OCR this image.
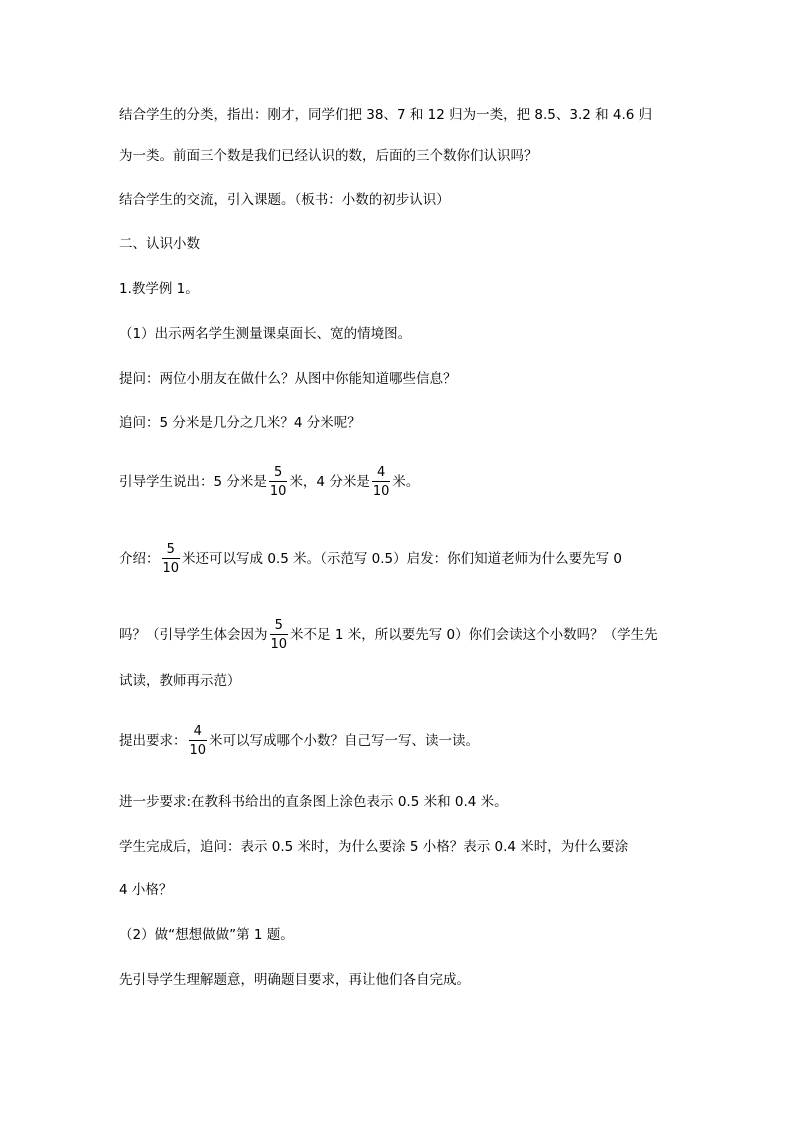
结合学生的分类，指出：刚才，同学们把 38、7 和 12 归为一类，把 8.5、3.2 和 4.6 归
为一类。前面三个数是我们已经认识的数，后面的三个数你们认识吗？
结合学生的交流，引入课题。（板书：小数的初步认识）
二、认识小数
1.教学例 1。
（1）出示两名学生测量课桌面长、宽的情境图。
提问：两位小朋友在做什么？从图中你能知道哪些信息？
追问：5 分米是几分之几米？4 分米呢？
引导学生说出：5 分米是 $\frac{5}{10}$ 米，4 分米是 $\frac{4}{10}$ 米。
介绍： $\frac{5}{10}$ 米还可以写成 0.5 米。（示范写 0.5）启发：你们知道老师为什么要先写 0
吗？（引导学生体会因为 $\frac{5}{10}$ 米不足 1 米，所以要先写 0）你们会读这个小数吗？（学生先
试读，教师再示范）
提出要求： $\frac{4}{10}$ 米可以写成哪个小数？自己写一写、读一读。
进一步要求:在教科书给出的直条图上涂色表示 0.5 米和 0.4 米。
学生完成后，追问：表示 0.5 米时，为什么要涂 5 小格？表示 0.4 米时，为什么要涂
4 小格？
（2）做“想想做做”第 1 题。
先引导学生理解题意，明确题目要求，再让他们各自完成。
